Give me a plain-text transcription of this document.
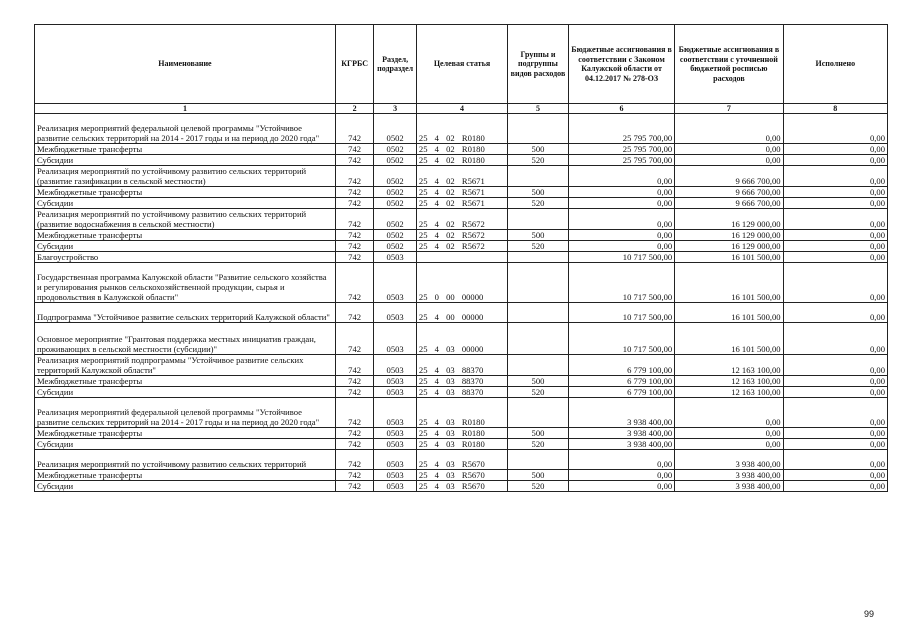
Наименование	КГРБС	Раздел, подраздел	Целевая статья	Группы и подгруппы видов расходов	Бюджетные ассигнования в соответствии с Законом Калужской области от 04.12.2017 № 278-ОЗ	Бюджетные ассигнования в соответствии с уточненной бюджетной росписью расходов	Исполнено
1	2	3	4	5	6	7	8
Реализация мероприятий федеральной целевой программы "Устойчивое развитие сельских территорий на 2014 - 2017 годы и на период до 2020 года"	742	0502	25 4 02 R0180		25 795 700,00	0,00	0,00
Межбюджетные трансферты	742	0502	25 4 02 R0180	500	25 795 700,00	0,00	0,00
Субсидии	742	0502	25 4 02 R0180	520	25 795 700,00	0,00	0,00
Реализация мероприятий по устойчивому развитию сельских территорий (развитие газификации в сельской местности)	742	0502	25 4 02 R5671		0,00	9 666 700,00	0,00
Межбюджетные трансферты	742	0502	25 4 02 R5671	500	0,00	9 666 700,00	0,00
Субсидии	742	0502	25 4 02 R5671	520	0,00	9 666 700,00	0,00
Реализация мероприятий по устойчивому развитию сельских территорий (развитие водоснабжения в сельской местности)	742	0502	25 4 02 R5672		0,00	16 129 000,00	0,00
Межбюджетные трансферты	742	0502	25 4 02 R5672	500	0,00	16 129 000,00	0,00
Субсидии	742	0502	25 4 02 R5672	520	0,00	16 129 000,00	0,00
Благоустройство	742	0503			10 717 500,00	16 101 500,00	0,00
Государственная программа Калужской области "Развитие сельского хозяйства и регулирования рынков сельскохозяйственной продукции, сырья и продовольствия в Калужской области"	742	0503	25 0 00 00000		10 717 500,00	16 101 500,00	0,00
Подпрограмма "Устойчивое развитие сельских территорий Калужской области"	742	0503	25 4 00 00000		10 717 500,00	16 101 500,00	0,00
Основное мероприятие "Грантовая поддержка местных инициатив граждан, проживающих в сельской местности (субсидии)"	742	0503	25 4 03 00000		10 717 500,00	16 101 500,00	0,00
Реализация мероприятий подпрограммы "Устойчивое развитие сельских территорий Калужской области"	742	0503	25 4 03 88370		6 779 100,00	12 163 100,00	0,00
Межбюджетные трансферты	742	0503	25 4 03 88370	500	6 779 100,00	12 163 100,00	0,00
Субсидии	742	0503	25 4 03 88370	520	6 779 100,00	12 163 100,00	0,00
Реализация мероприятий федеральной целевой программы "Устойчивое развитие сельских территорий на 2014 - 2017 годы и на период до 2020 года"	742	0503	25 4 03 R0180		3 938 400,00	0,00	0,00
Межбюджетные трансферты	742	0503	25 4 03 R0180	500	3 938 400,00	0,00	0,00
Субсидии	742	0503	25 4 03 R0180	520	3 938 400,00	0,00	0,00
Реализация мероприятий по устойчивому развитию сельских территорий	742	0503	25 4 03 R5670		0,00	3 938 400,00	0,00
Межбюджетные трансферты	742	0503	25 4 03 R5670	500	0,00	3 938 400,00	0,00
Субсидии	742	0503	25 4 03 R5670	520	0,00	3 938 400,00	0,00
99
